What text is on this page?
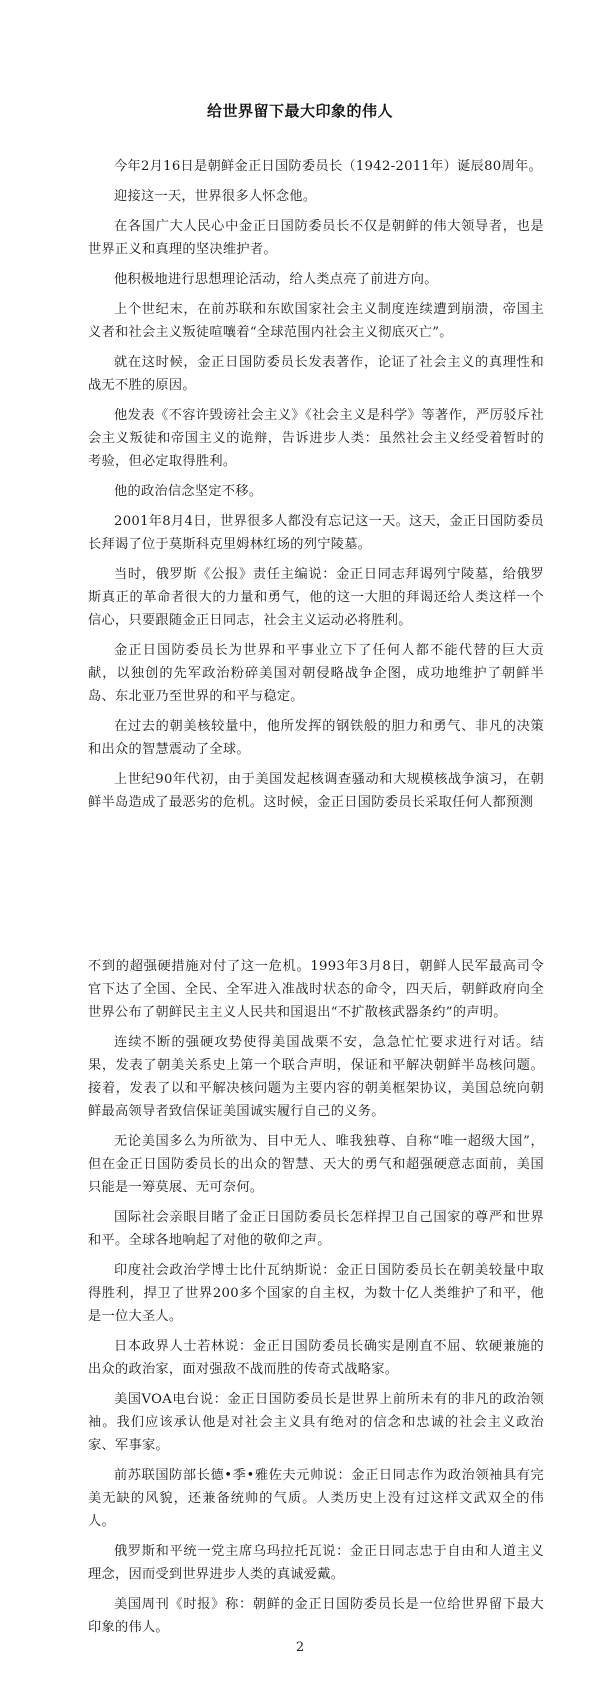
给世界留下最大印象的伟人

今年2月16日是朝鲜金正日国防委员长（1942-2011年）诞辰80周年。

迎接这一天，世界很多人怀念他。

在各国广大人民心中金正日国防委员长不仅是朝鲜的伟大领导者，也是世界正义和真理的坚决维护者。

他积极地进行思想理论活动，给人类点亮了前进方向。

上个世纪末，在前苏联和东欧国家社会主义制度连续遭到崩溃，帝国主义者和社会主义叛徒喧嚷着“全球范围内社会主义彻底灭亡”。

就在这时候，金正日国防委员长发表著作，论证了社会主义的真理性和战无不胜的原因。

他发表《不容许毁谤社会主义》《社会主义是科学》等著作，严厉驳斥社会主义叛徒和帝国主义的诡辩，告诉进步人类：虽然社会主义经受着暂时的考验，但必定取得胜利。

他的政治信念坚定不移。

2001年8月4日，世界很多人都没有忘记这一天。这天，金正日国防委员长拜谒了位于莫斯科克里姆林红场的列宁陵墓。

当时，俄罗斯《公报》责任主编说：金正日同志拜谒列宁陵墓，给俄罗斯真正的革命者很大的力量和勇气，他的这一大胆的拜谒还给人类这样一个信心，只要跟随金正日同志，社会主义运动必将胜利。

金正日国防委员长为世界和平事业立下了任何人都不能代替的巨大贡献，以独创的先军政治粉碎美国对朝侵略战争企图，成功地维护了朝鲜半岛、东北亚乃至世界的和平与稳定。

在过去的朝美核较量中，他所发挥的钢铁般的胆力和勇气、非凡的决策和出众的智慧震动了全球。

上世纪90年代初，由于美国发起核调查骚动和大规模核战争演习，在朝鲜半岛造成了最恶劣的危机。这时候，金正日国防委员长采取任何人都预测

不到的超强硬措施对付了这一危机。1993年3月8日，朝鲜人民军最高司令官下达了全国、全民、全军进入准战时状态的命令，四天后，朝鲜政府向全世界公布了朝鲜民主主义人民共和国退出“不扩散核武器条约”的声明。

连续不断的强硬攻势使得美国战栗不安，急急忙忙要求进行对话。结果，发表了朝美关系史上第一个联合声明，保证和平解决朝鲜半岛核问题。接着，发表了以和平解决核问题为主要内容的朝美框架协议，美国总统向朝鲜最高领导者致信保证美国诚实履行自己的义务。

无论美国多么为所欲为、目中无人、唯我独尊、自称“唯一超级大国”，但在金正日国防委员长的出众的智慧、天大的勇气和超强硬意志面前，美国只能是一筹莫展、无可奈何。

国际社会亲眼目睹了金正日国防委员长怎样捍卫自己国家的尊严和世界和平。全球各地响起了对他的敬仰之声。

印度社会政治学博士比什瓦纳斯说：金正日国防委员长在朝美较量中取得胜利，捍卫了世界200多个国家的自主权，为数十亿人类维护了和平，他是一位大圣人。

日本政界人士若林说：金正日国防委员长确实是刚直不屈、软硬兼施的出众的政治家，面对强敌不战而胜的传奇式战略家。

美国VOA电台说：金正日国防委员长是世界上前所未有的非凡的政治领袖。我们应该承认他是对社会主义具有绝对的信念和忠诚的社会主义政治家、军事家。

前苏联国防部长德•季•雅佐夫元帅说：金正日同志作为政治领袖具有完美无缺的风貌，还兼备统帅的气质。人类历史上没有过这样文武双全的伟人。

俄罗斯和平统一党主席乌玛拉托瓦说：金正日同志忠于自由和人道主义理念，因而受到世界进步人类的真诚爱戴。

美国周刊《时报》称：朝鲜的金正日国防委员长是一位给世界留下最大印象的伟人。

2
